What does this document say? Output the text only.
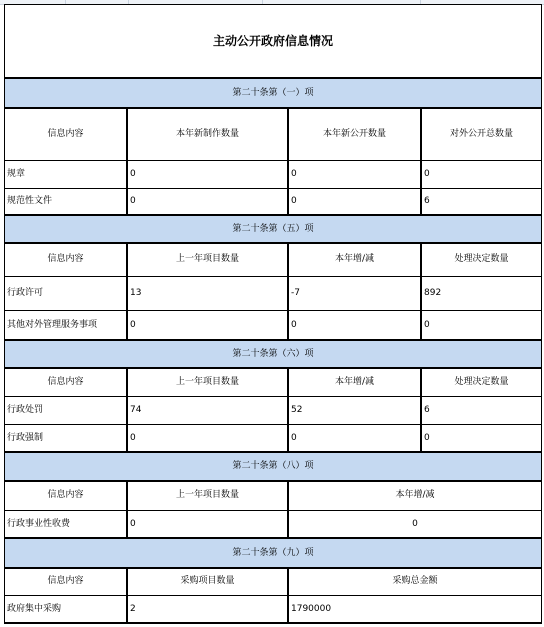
主动公开政府信息情况
第二十条第（一）项
信息内容	本年新制作数量	本年新公开数量	对外公开总数量
规章	0	0	0
规范性文件	0	0	6
第二十条第（五）项
信息内容	上一年项目数量	本年增/减	处理决定数量
行政许可	13	-7	892
其他对外管理服务事项	0	0	0
第二十条第（六）项
信息内容	上一年项目数量	本年增/减	处理决定数量
行政处罚	74	52	6
行政强制	0	0	0
第二十条第（八）项
信息内容	上一年项目数量	本年增/减
行政事业性收费	0	0
第二十条第（九）项
信息内容	采购项目数量	采购总金额
政府集中采购	2	1790000
